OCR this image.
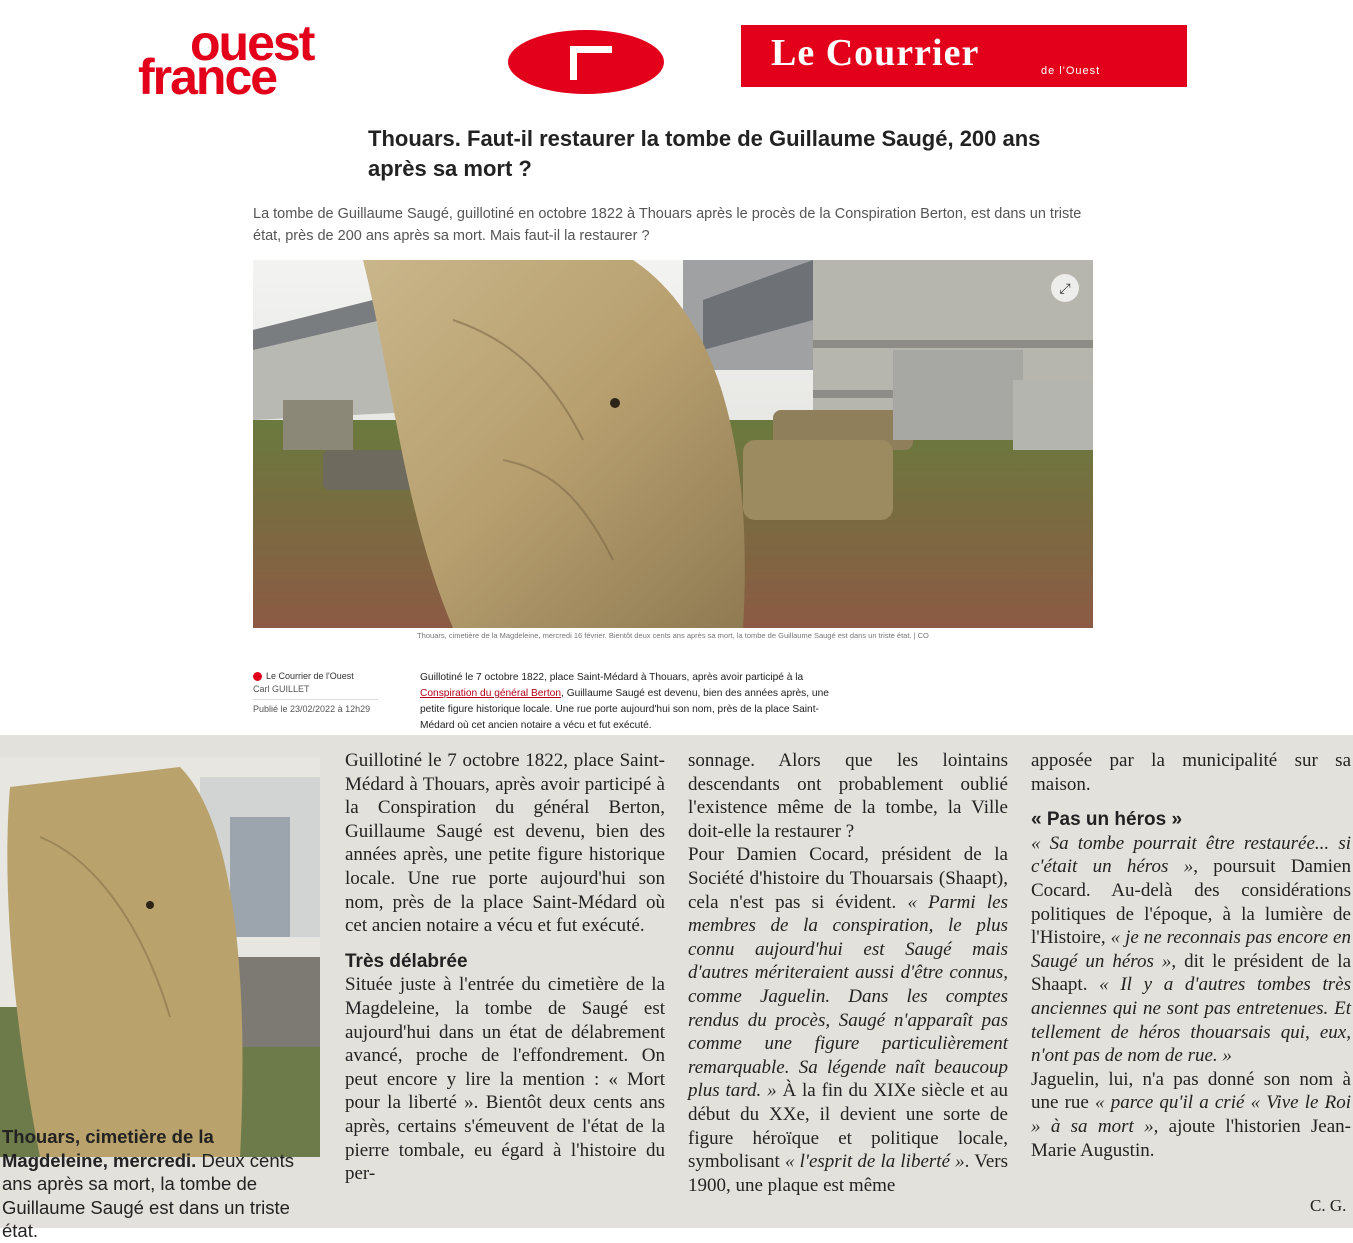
ouest
france	Le Courrier	de l'Ouest
Thouars. Faut-il restaurer la tombe de Guillaume Saugé, 200 ans après sa mort ?
La tombe de Guillaume Saugé, guillotiné en octobre 1822 à Thouars après le procès de la Conspiration Berton, est dans un triste état, près de 200 ans après sa mort. Mais faut-il la restaurer ?
⤢
Thouars, cimetière de la Magdeleine, mercredi 16 février. Bientôt deux cents ans après sa mort, la tombe de Guillaume Saugé est dans un triste état. | CO
Le Courrier de l'Ouest
Carl GUILLET
Publié le 23/02/2022 à 12h29
Guillotiné le 7 octobre 1822, place Saint-Médard à Thouars, après avoir participé à la Conspiration du général Berton, Guillaume Saugé est devenu, bien des années après, une petite figure historique locale. Une rue porte aujourd'hui son nom, près de la place Saint-Médard où cet ancien notaire a vécu et fut exécuté.
Thouars, cimetière de la Magdeleine, mercredi. Deux cents ans après sa mort, la tombe de Guillaume Saugé est dans un triste état.
Guillotiné le 7 octobre 1822, place Saint-Médard à Thouars, après avoir participé à la Conspiration du général Berton, Guillaume Saugé est devenu, bien des années après, une petite figure historique locale. Une rue porte aujourd'hui son nom, près de la place Saint-Médard où cet ancien notaire a vécu et fut exécuté.
Très délabrée
Située juste à l'entrée du cimetière de la Magdeleine, la tombe de Saugé est aujourd'hui dans un état de délabrement avancé, proche de l'effondrement. On peut encore y lire la mention : « Mort pour la liberté ». Bientôt deux cents ans après, certains s'émeuvent de l'état de la pierre tombale, eu égard à l'histoire du per-
sonnage. Alors que les lointains descendants ont probablement oublié l'existence même de la tombe, la Ville doit-elle la restaurer ?
Pour Damien Cocard, président de la Société d'histoire du Thouarsais (Shaapt), cela n'est pas si évident. « Parmi les membres de la conspiration, le plus connu aujourd'hui est Saugé mais d'autres mériteraient aussi d'être connus, comme Jaguelin. Dans les comptes rendus du procès, Saugé n'apparaît pas comme une figure particulièrement remarquable. Sa légende naît beaucoup plus tard. » À la fin du XIXe siècle et au début du XXe, il devient une sorte de figure héroïque et politique locale, symbolisant « l'esprit de la liberté ». Vers 1900, une plaque est même
apposée par la municipalité sur sa maison.
« Pas un héros »
« Sa tombe pourrait être restaurée... si c'était un héros », poursuit Damien Cocard. Au-delà des considérations politiques de l'époque, à la lumière de l'Histoire, « je ne reconnais pas encore en Saugé un héros », dit le président de la Shaapt. « Il y a d'autres tombes très anciennes qui ne sont pas entretenues. Et tellement de héros thouarsais qui, eux, n'ont pas de nom de rue. »
Jaguelin, lui, n'a pas donné son nom à une rue « parce qu'il a crié « Vive le Roi » à sa mort », ajoute l'historien Jean-Marie Augustin.
C. G.
